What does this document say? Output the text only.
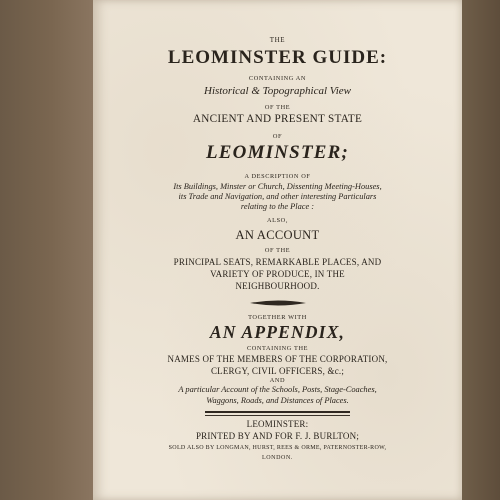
THE
LEOMINSTER GUIDE:
CONTAINING AN
Historical & Topographical View
OF THE
ANCIENT AND PRESENT STATE
OF
LEOMINSTER;
A DESCRIPTION OF
Its Buildings, Minster or Church, Dissenting Meeting-Houses,
its Trade and Navigation, and other interesting Particulars
relating to the Place :
ALSO,
AN ACCOUNT
OF THE
PRINCIPAL SEATS, REMARKABLE PLACES, AND
VARIETY OF PRODUCE, IN THE
NEIGHBOURHOOD.
TOGETHER WITH
AN APPENDIX,
CONTAINING THE
NAMES OF THE MEMBERS OF THE CORPORATION,
CLERGY, CIVIL OFFICERS, &c.;
AND
A particular Account of the Schools, Posts, Stage-Coaches,
Waggons, Roads, and Distances of Places.
LEOMINSTER:
PRINTED BY AND FOR F. J. BURLTON;
SOLD ALSO BY LONGMAN, HURST, REES & ORME, PATERNOSTER-ROW,
LONDON.
